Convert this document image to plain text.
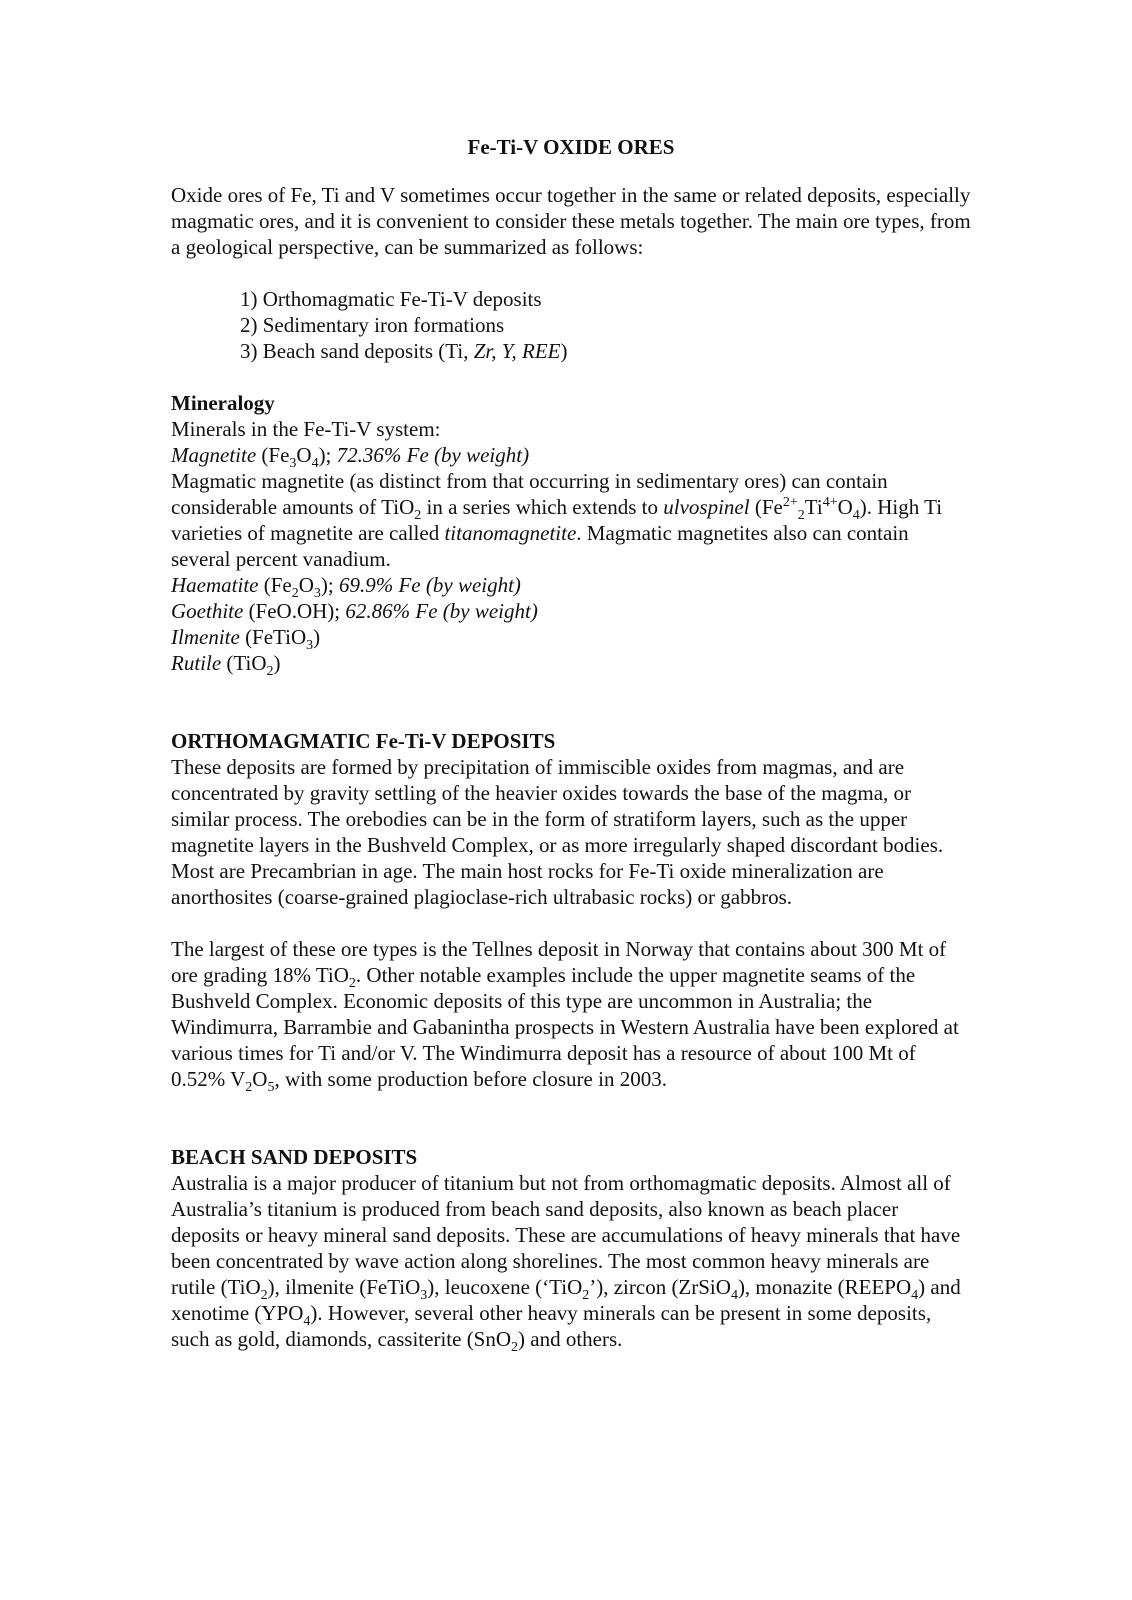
Fe-Ti-V OXIDE ORES

Oxide ores of Fe, Ti and V sometimes occur together in the same or related deposits, especially magmatic ores, and it is convenient to consider these metals together. The main ore types, from a geological perspective, can be summarized as follows:

1) Orthomagmatic Fe-Ti-V deposits
2) Sedimentary iron formations
3) Beach sand deposits (Ti, Zr, Y, REE)

Mineralogy

Minerals in the Fe-Ti-V system:

Magnetite $(Fe_3O_4)$; 72.36% Fe (by weight)

Magmatic magnetite (as distinct from that occurring in sedimentary ores) can contain considerable amounts of TiO$_2$ in a series which extends to ulvospinel $(Fe^{2+}_2Ti^{4+}O_4)$. High Ti varieties of magnetite are called titanomagnetite. Magmatic magnetites also can contain several percent vanadium.

Haematite $(Fe_2O_3)$; 69.9% Fe (by weight)

Goethite (FeO.OH); 62.86% Fe (by weight)

Ilmenite (FeTiO$_3$)

Rutile (TiO$_2$)

ORTHOMAGMATIC Fe-Ti-V DEPOSITS

These deposits are formed by precipitation of immiscible oxides from magmas, and are concentrated by gravity settling of the heavier oxides towards the base of the magma, or similar process. The orebodies can be in the form of stratiform layers, such as the upper magnetite layers in the Bushveld Complex, or as more irregularly shaped discordant bodies. Most are Precambrian in age. The main host rocks for Fe-Ti oxide mineralization are anorthosites (coarse-grained plagioclase-rich ultrabasic rocks) or gabbros.

The largest of these ore types is the Tellnes deposit in Norway that contains about 300 Mt of ore grading 18% TiO$_2$. Other notable examples include the upper magnetite seams of the Bushveld Complex. Economic deposits of this type are uncommon in Australia; the Windimurra, Barrambie and Gabanintha prospects in Western Australia have been explored at various times for Ti and/or V. The Windimurra deposit has a resource of about 100 Mt of 0.52% $V_2O_5$, with some production before closure in 2003.

BEACH SAND DEPOSITS

Australia is a major producer of titanium but not from orthomagmatic deposits. Almost all of Australia’s titanium is produced from beach sand deposits, also known as beach placer deposits or heavy mineral sand deposits. These are accumulations of heavy minerals that have been concentrated by wave action along shorelines. The most common heavy minerals are rutile (TiO$_2$), ilmenite (FeTiO$_3$), leucoxene (‘TiO$_2$’), zircon (ZrSiO$_4$), monazite $(REEPO_4)$ and xenotime $(YPO_4)$. However, several other heavy minerals can be present in some deposits, such as gold, diamonds, cassiterite (SnO$_2$) and others.
